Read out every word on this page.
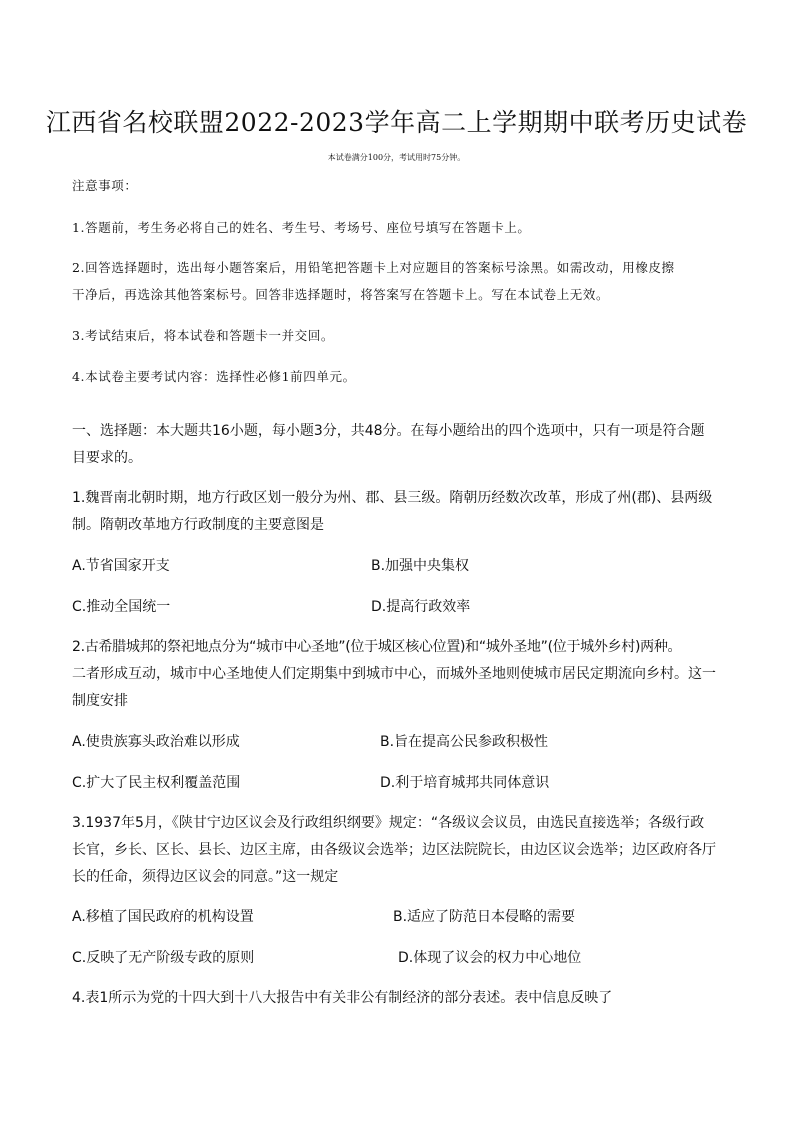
江西省名校联盟2022-2023学年高二上学期期中联考历史试卷
本试卷满分100分，考试用时75分钟。
注意事项：
1.答题前，考生务必将自己的姓名、考生号、考场号、座位号填写在答题卡上。
2.回答选择题时，选出每小题答案后，用铅笔把答题卡上对应题目的答案标号涂黑。如需改动，用橡皮擦
干净后，再选涂其他答案标号。回答非选择题时，将答案写在答题卡上。写在本试卷上无效。
3.考试结束后，将本试卷和答题卡一并交回。
4.本试卷主要考试内容：选择性必修1前四单元。
一、选择题：本大题共16小题，每小题3分，共48分。在每小题给出的四个选项中，只有一项是符合题
目要求的。
1.魏晋南北朝时期，地方行政区划一般分为州、郡、县三级。隋朝历经数次改革，形成了州(郡)、县两级
制。隋朝改革地方行政制度的主要意图是
A.节省国家开支	B.加强中央集权
C.推动全国统一	D.提高行政效率
2.古希腊城邦的祭祀地点分为“城市中心圣地”(位于城区核心位置)和“城外圣地”(位于城外乡村)两种。
二者形成互动，城市中心圣地使人们定期集中到城市中心，而城外圣地则使城市居民定期流向乡村。这一
制度安排
A.使贵族寡头政治难以形成	B.旨在提高公民参政积极性
C.扩大了民主权利覆盖范围	D.利于培育城邦共同体意识
3.1937年5月，《陕甘宁边区议会及行政组织纲要》规定：“各级议会议员，由选民直接选举；各级行政
长官，乡长、区长、县长、边区主席，由各级议会选举；边区法院院长，由边区议会选举；边区政府各厅
长的任命，须得边区议会的同意。”这一规定
A.移植了国民政府的机构设置	B.适应了防范日本侵略的需要
C.反映了无产阶级专政的原则	D.体现了议会的权力中心地位
4.表1所示为党的十四大到十八大报告中有关非公有制经济的部分表述。表中信息反映了
